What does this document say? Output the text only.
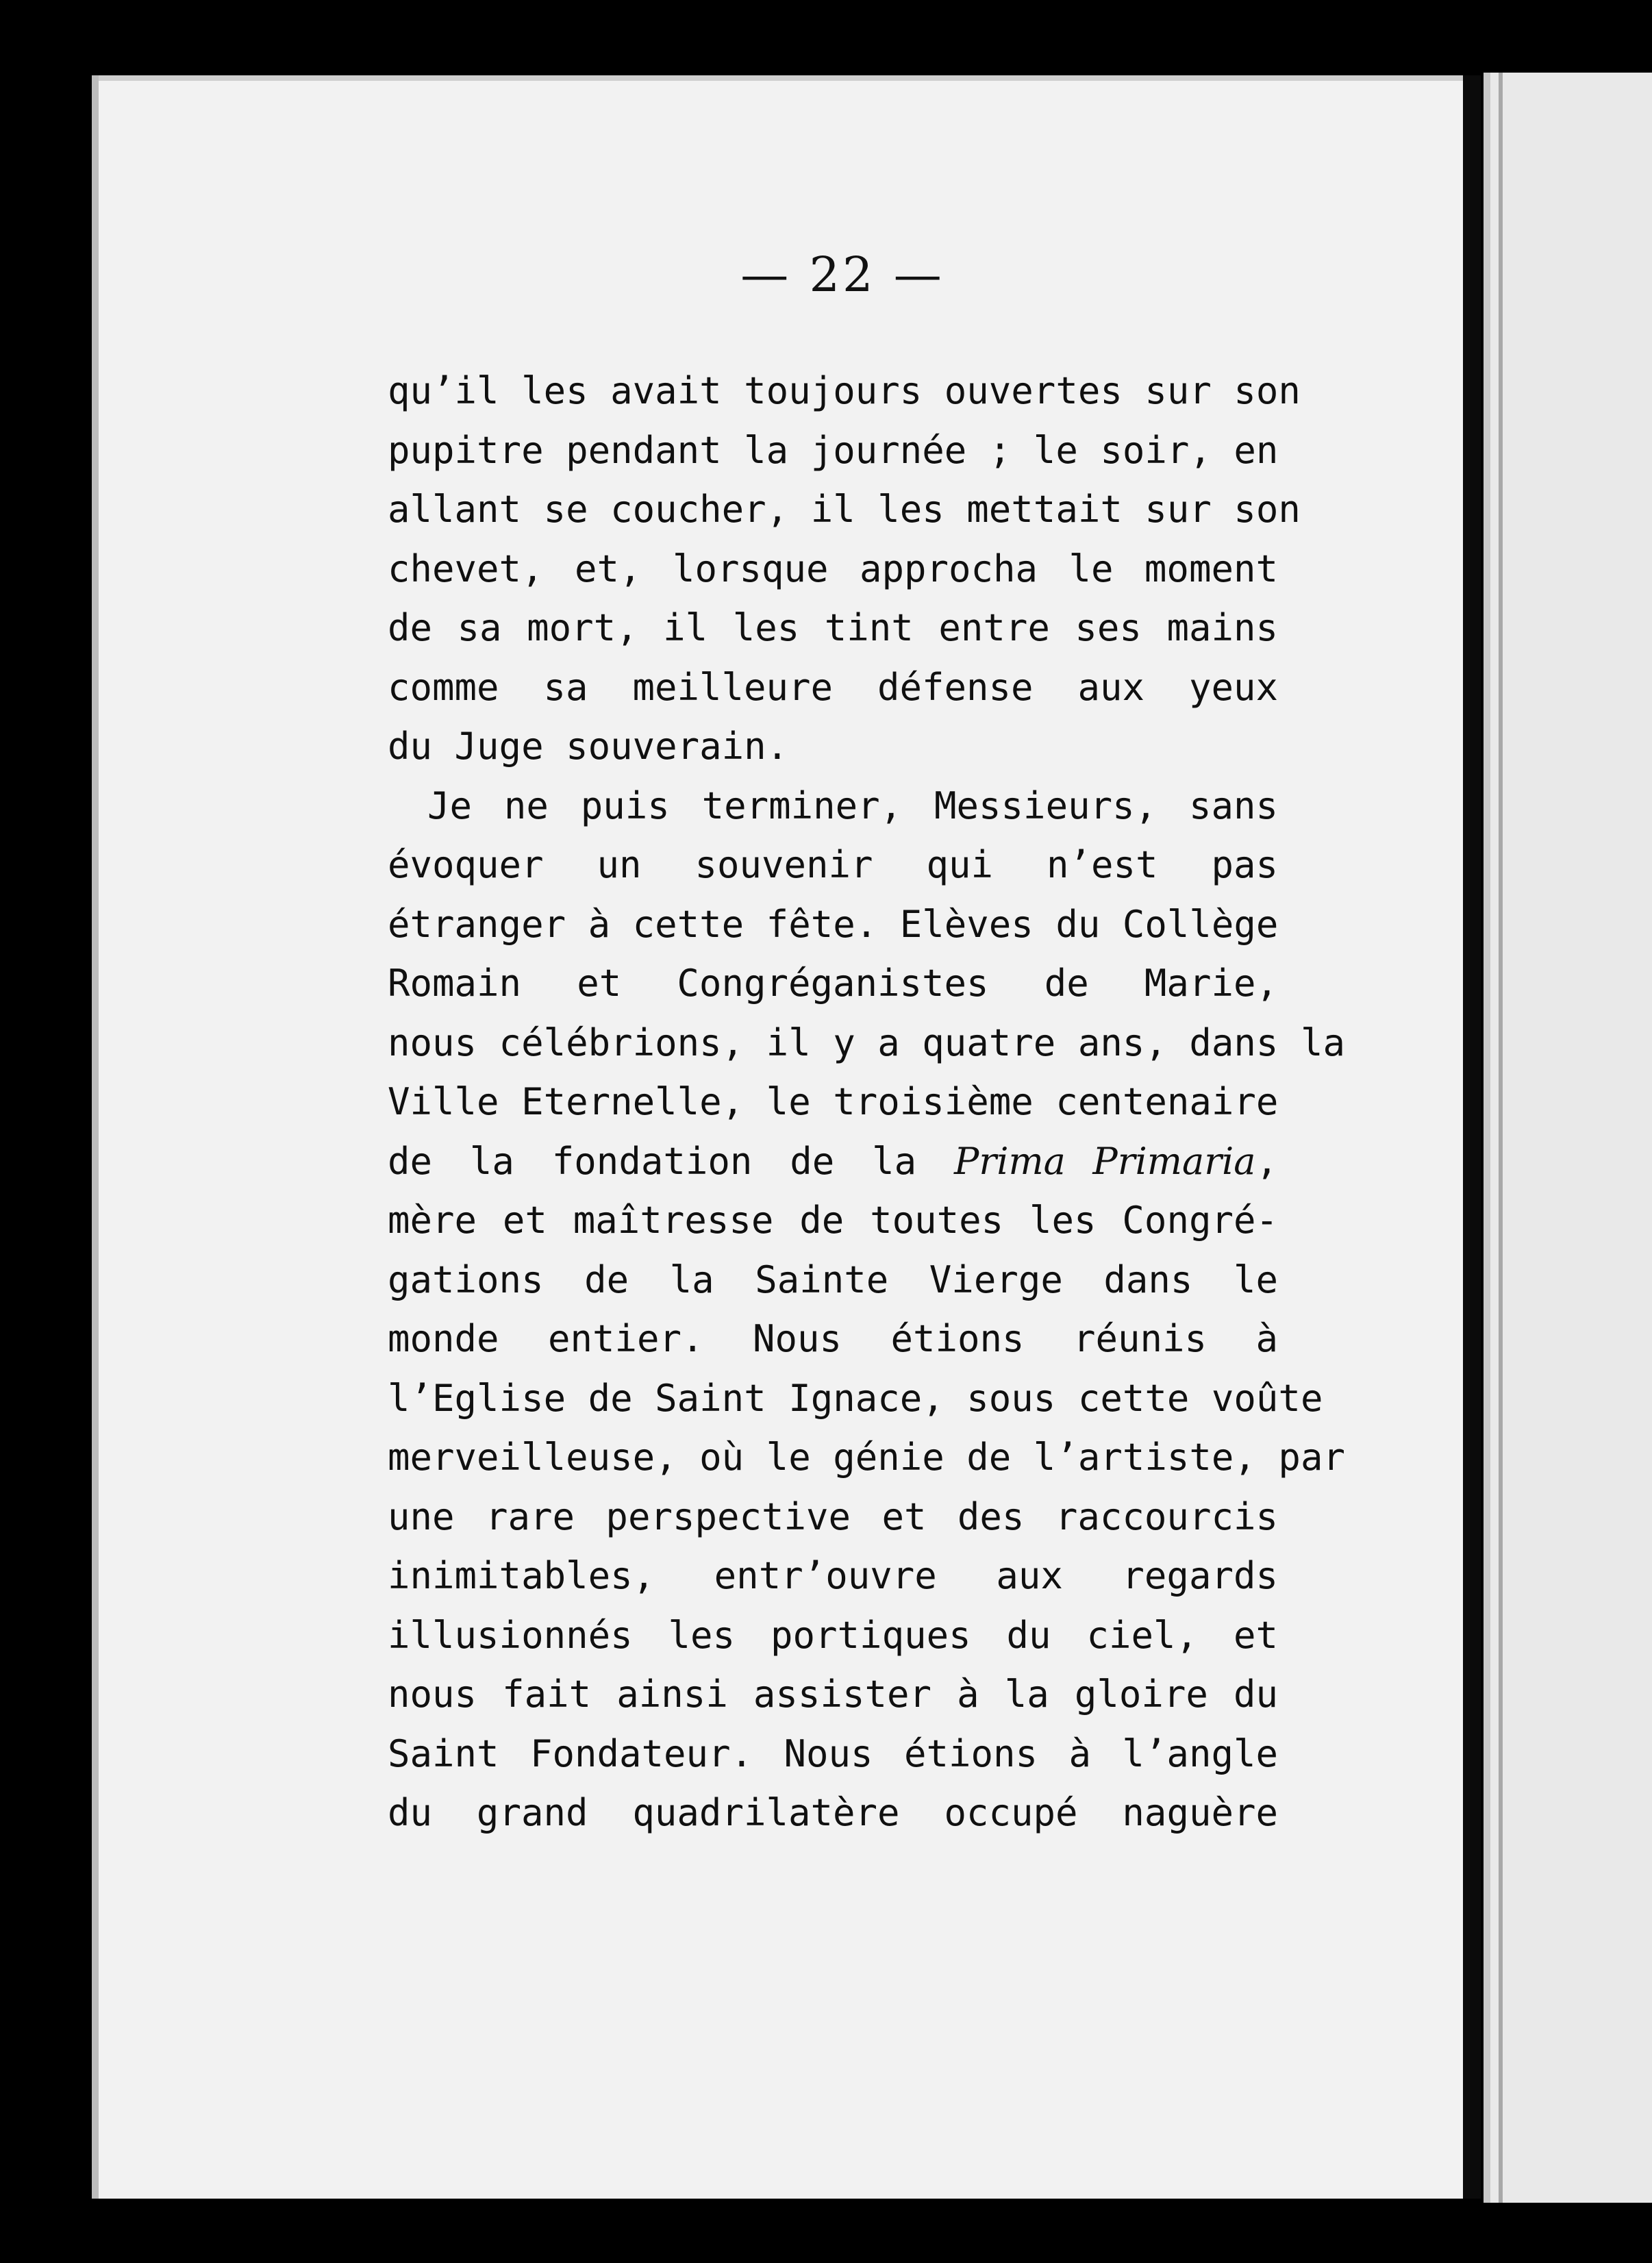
— 22 —
qu’il les avait toujours ouvertes sur son
pupitre pendant la journée ; le soir, en
allant se coucher, il les mettait sur son
chevet, et, lorsque approcha le moment
de sa mort, il les tint entre ses mains
comme sa meilleure défense aux yeux
du Juge souverain.
Je ne puis terminer, Messieurs, sans
évoquer un souvenir qui n’est pas
étranger à cette fête. Elèves du Collège
Romain et Congréganistes de Marie,
nous célébrions, il y a quatre ans, dans la
Ville Eternelle, le troisième centenaire
de la fondation de la Prima Primaria,
mère et maîtresse de toutes les Congré-
gations de la Sainte Vierge dans le
monde entier. Nous étions réunis à
l’Eglise de Saint Ignace, sous cette voûte
merveilleuse, où le génie de l’artiste, par
une rare perspective et des raccourcis
inimitables, entr’ouvre aux regards
illusionnés les portiques du ciel, et
nous fait ainsi assister à la gloire du
Saint Fondateur. Nous étions à l’angle
du grand quadrilatère occupé naguère
